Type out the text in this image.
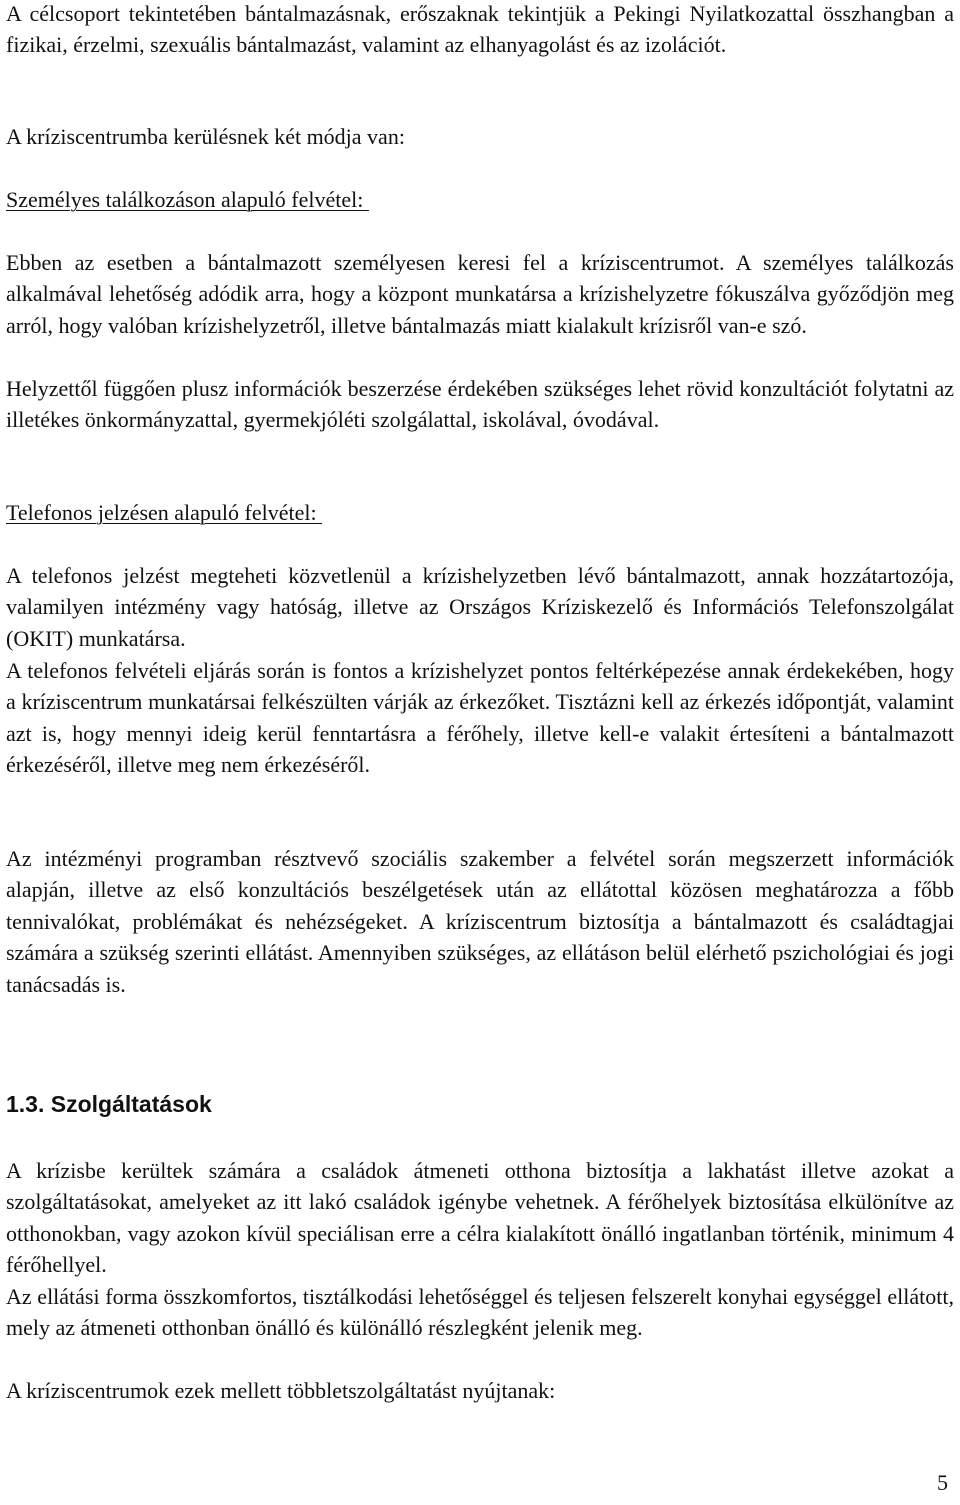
A célcsoport tekintetében bántalmazásnak, erőszaknak tekintjük a Pekingi Nyilatkozattal összhangban a fizikai, érzelmi, szexuális bántalmazást, valamint az elhanyagolást és az izolációt.

A kríziscentrumba kerülésnek két módja van:

Személyes találkozáson alapuló felvétel:

Ebben az esetben a bántalmazott személyesen keresi fel a kríziscentrumot. A személyes találkozás alkalmával lehetőség adódik arra, hogy a központ munkatársa a krízishelyzetre fókuszálva győződjön meg arról, hogy valóban krízishelyzetről, illetve bántalmazás miatt kialakult krízisről van-e szó.

Helyzettől függően plusz információk beszerzése érdekében szükséges lehet rövid konzultációt folytatni az illetékes önkormányzattal, gyermekjóléti szolgálattal, iskolával, óvodával.

Telefonos jelzésen alapuló felvétel:

A telefonos jelzést megteheti közvetlenül a krízishelyzetben lévő bántalmazott, annak hozzátartozója, valamilyen intézmény vagy hatóság, illetve az Országos Kríziskezelő és Információs Telefonszolgálat (OKIT) munkatársa.

A telefonos felvételi eljárás során is fontos a krízishelyzet pontos feltérképezése annak érdekekében, hogy a kríziscentrum munkatársai felkészülten várják az érkezőket. Tisztázni kell az érkezés időpontját, valamint azt is, hogy mennyi ideig kerül fenntartásra a férőhely, illetve kell-e valakit értesíteni a bántalmazott érkezéséről, illetve meg nem érkezéséről.

Az intézményi programban résztvevő szociális szakember a felvétel során megszerzett információk alapján, illetve az első konzultációs beszélgetések után az ellátottal közösen meghatározza a főbb tennivalókat, problémákat és nehézségeket. A kríziscentrum biztosítja a bántalmazott és családtagjai számára a szükség szerinti ellátást. Amennyiben szükséges, az ellátáson belül elérhető pszichológiai és jogi tanácsadás is.

1.3. Szolgáltatások

A krízisbe kerültek számára a családok átmeneti otthona biztosítja a lakhatást illetve azokat a szolgáltatásokat, amelyeket az itt lakó családok igénybe vehetnek. A férőhelyek biztosítása elkülönítve az otthonokban, vagy azokon kívül speciálisan erre a célra kialakított önálló ingatlanban történik, minimum 4 férőhellyel.

Az ellátási forma összkomfortos, tisztálkodási lehetőséggel és teljesen felszerelt konyhai egységgel ellátott, mely az átmeneti otthonban önálló és különálló részlegként jelenik meg.

A kríziscentrumok ezek mellett többletszolgáltatást nyújtanak:

5
